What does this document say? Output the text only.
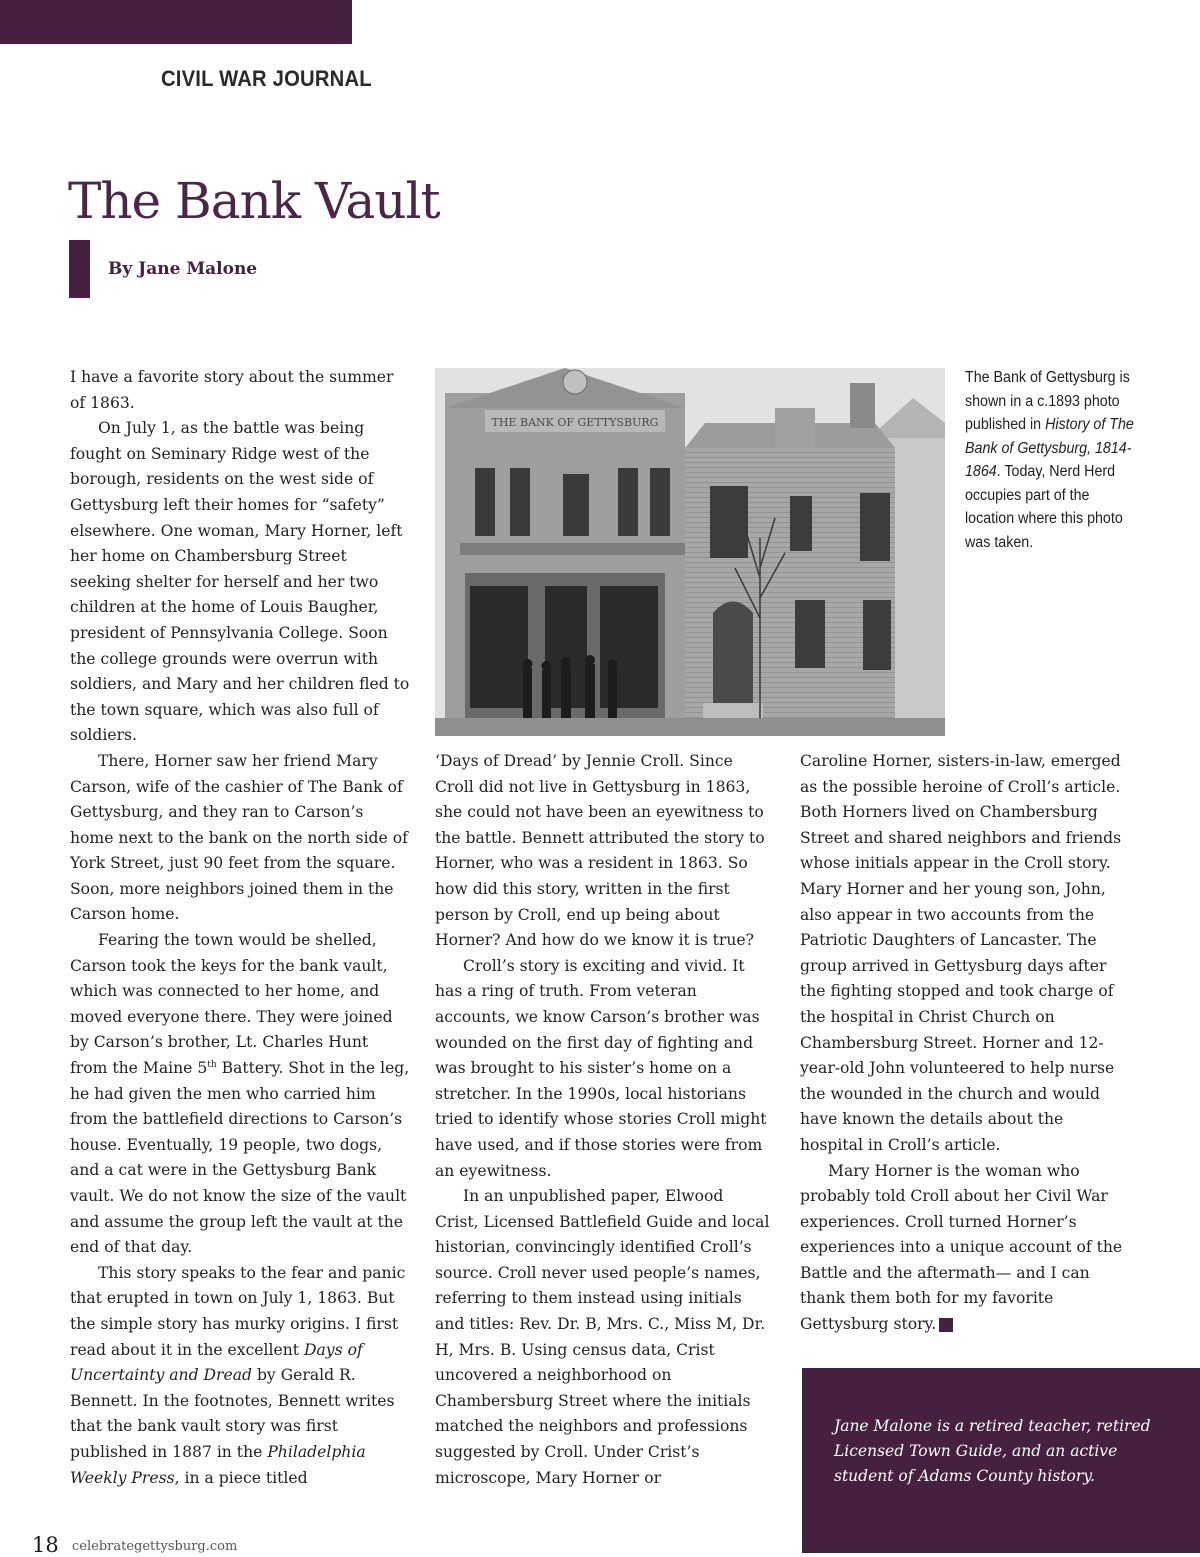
CIVIL WAR JOURNAL
The Bank Vault
By Jane Malone

I have a favorite story about the summer of 1863.

On July 1, as the battle was being fought on Seminary Ridge west of the borough, residents on the west side of Gettysburg left their homes for “safety” elsewhere. One woman, Mary Horner, left her home on Chambersburg Street seeking shelter for herself and her two children at the home of Louis Baugher, president of Pennsylvania College. Soon the college grounds were overrun with soldiers, and Mary and her children fled to the town square, which was also full of soldiers.

There, Horner saw her friend Mary Carson, wife of the cashier of The Bank of Gettysburg, and they ran to Carson’s home next to the bank on the north side of York Street, just 90 feet from the square. Soon, more neighbors joined them in the Carson home.

Fearing the town would be shelled, Carson took the keys for the bank vault, which was connected to her home, and moved everyone there. They were joined by Carson’s brother, Lt. Charles Hunt from the Maine 5th Battery. Shot in the leg, he had given the men who carried him from the battlefield directions to Carson’s house. Eventually, 19 people, two dogs, and a cat were in the Gettysburg Bank vault. We do not know the size of the vault and assume the group left the vault at the end of that day.

This story speaks to the fear and panic that erupted in town on July 1, 1863. But the simple story has murky origins. I first read about it in the excellent Days of Uncertainty and Dread by Gerald R. Bennett. In the footnotes, Bennett writes that the bank vault story was first published in 1887 in the Philadelphia Weekly Press, in a piece titled

THE BANK OF GETTYSBURG
The Bank of Gettysburg is shown in a c.1893 photo published in History of The Bank of Gettysburg, 1814-1864. Today, Nerd Herd occupies part of the location where this photo was taken.

‘Days of Dread’ by Jennie Croll. Since Croll did not live in Gettysburg in 1863, she could not have been an eyewitness to the battle. Bennett attributed the story to Horner, who was a resident in 1863. So how did this story, written in the first person by Croll, end up being about Horner? And how do we know it is true?

Croll’s story is exciting and vivid. It has a ring of truth. From veteran accounts, we know Carson’s brother was wounded on the first day of fighting and was brought to his sister’s home on a stretcher. In the 1990s, local historians tried to identify whose stories Croll might have used, and if those stories were from an eyewitness.

In an unpublished paper, Elwood Crist, Licensed Battlefield Guide and local historian, convincingly identified Croll’s source. Croll never used people’s names, referring to them instead using initials and titles: Rev. Dr. B, Mrs. C., Miss M, Dr. H, Mrs. B. Using census data, Crist uncovered a neighborhood on Chambersburg Street where the initials matched the neighbors and professions suggested by Croll. Under Crist’s microscope, Mary Horner or

Caroline Horner, sisters-in-law, emerged as the possible heroine of Croll’s article. Both Horners lived on Chambersburg Street and shared neighbors and friends whose initials appear in the Croll story. Mary Horner and her young son, John, also appear in two accounts from the Patriotic Daughters of Lancaster. The group arrived in Gettysburg days after the fighting stopped and took charge of the hospital in Christ Church on Chambersburg Street. Horner and 12-year-old John volunteered to help nurse the wounded in the church and would have known the details about the hospital in Croll’s article.

Mary Horner is the woman who probably told Croll about her Civil War experiences. Croll turned Horner’s experiences into a unique account of the Battle and the aftermath— and I can thank them both for my favorite Gettysburg story.	G

Jane Malone is a retired teacher, retired Licensed Town Guide, and an active student of Adams County history.
18 celebrategettysburg.com
